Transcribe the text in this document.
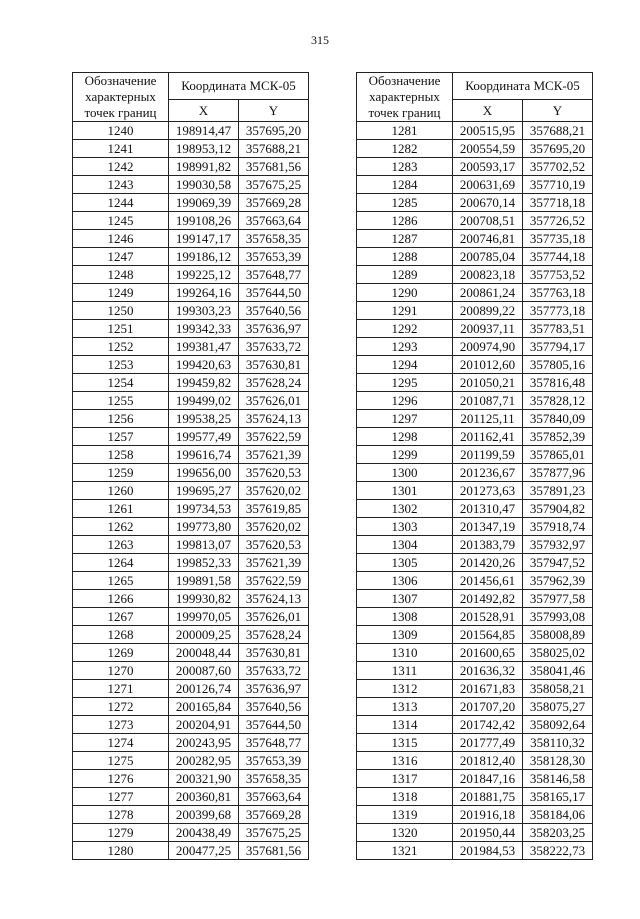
315
Обозначение характерных точек границ	Координата МСК-05	
	X	Y
1240	198914,47	357695,20
1241	198953,12	357688,21
1242	198991,82	357681,56
1243	199030,58	357675,25
1244	199069,39	357669,28
1245	199108,26	357663,64
1246	199147,17	357658,35
1247	199186,12	357653,39
1248	199225,12	357648,77
1249	199264,16	357644,50
1250	199303,23	357640,56
1251	199342,33	357636,97
1252	199381,47	357633,72
1253	199420,63	357630,81
1254	199459,82	357628,24
1255	199499,02	357626,01
1256	199538,25	357624,13
1257	199577,49	357622,59
1258	199616,74	357621,39
1259	199656,00	357620,53
1260	199695,27	357620,02
1261	199734,53	357619,85
1262	199773,80	357620,02
1263	199813,07	357620,53
1264	199852,33	357621,39
1265	199891,58	357622,59
1266	199930,82	357624,13
1267	199970,05	357626,01
1268	200009,25	357628,24
1269	200048,44	357630,81
1270	200087,60	357633,72
1271	200126,74	357636,97
1272	200165,84	357640,56
1273	200204,91	357644,50
1274	200243,95	357648,77
1275	200282,95	357653,39
1276	200321,90	357658,35
1277	200360,81	357663,64
1278	200399,68	357669,28
1279	200438,49	357675,25
1280	200477,25	357681,56
Обозначение характерных точек границ	Координата МСК-05	
	X	Y
1281	200515,95	357688,21
1282	200554,59	357695,20
1283	200593,17	357702,52
1284	200631,69	357710,19
1285	200670,14	357718,18
1286	200708,51	357726,52
1287	200746,81	357735,18
1288	200785,04	357744,18
1289	200823,18	357753,52
1290	200861,24	357763,18
1291	200899,22	357773,18
1292	200937,11	357783,51
1293	200974,90	357794,17
1294	201012,60	357805,16
1295	201050,21	357816,48
1296	201087,71	357828,12
1297	201125,11	357840,09
1298	201162,41	357852,39
1299	201199,59	357865,01
1300	201236,67	357877,96
1301	201273,63	357891,23
1302	201310,47	357904,82
1303	201347,19	357918,74
1304	201383,79	357932,97
1305	201420,26	357947,52
1306	201456,61	357962,39
1307	201492,82	357977,58
1308	201528,91	357993,08
1309	201564,85	358008,89
1310	201600,65	358025,02
1311	201636,32	358041,46
1312	201671,83	358058,21
1313	201707,20	358075,27
1314	201742,42	358092,64
1315	201777,49	358110,32
1316	201812,40	358128,30
1317	201847,16	358146,58
1318	201881,75	358165,17
1319	201916,18	358184,06
1320	201950,44	358203,25
1321	201984,53	358222,73
